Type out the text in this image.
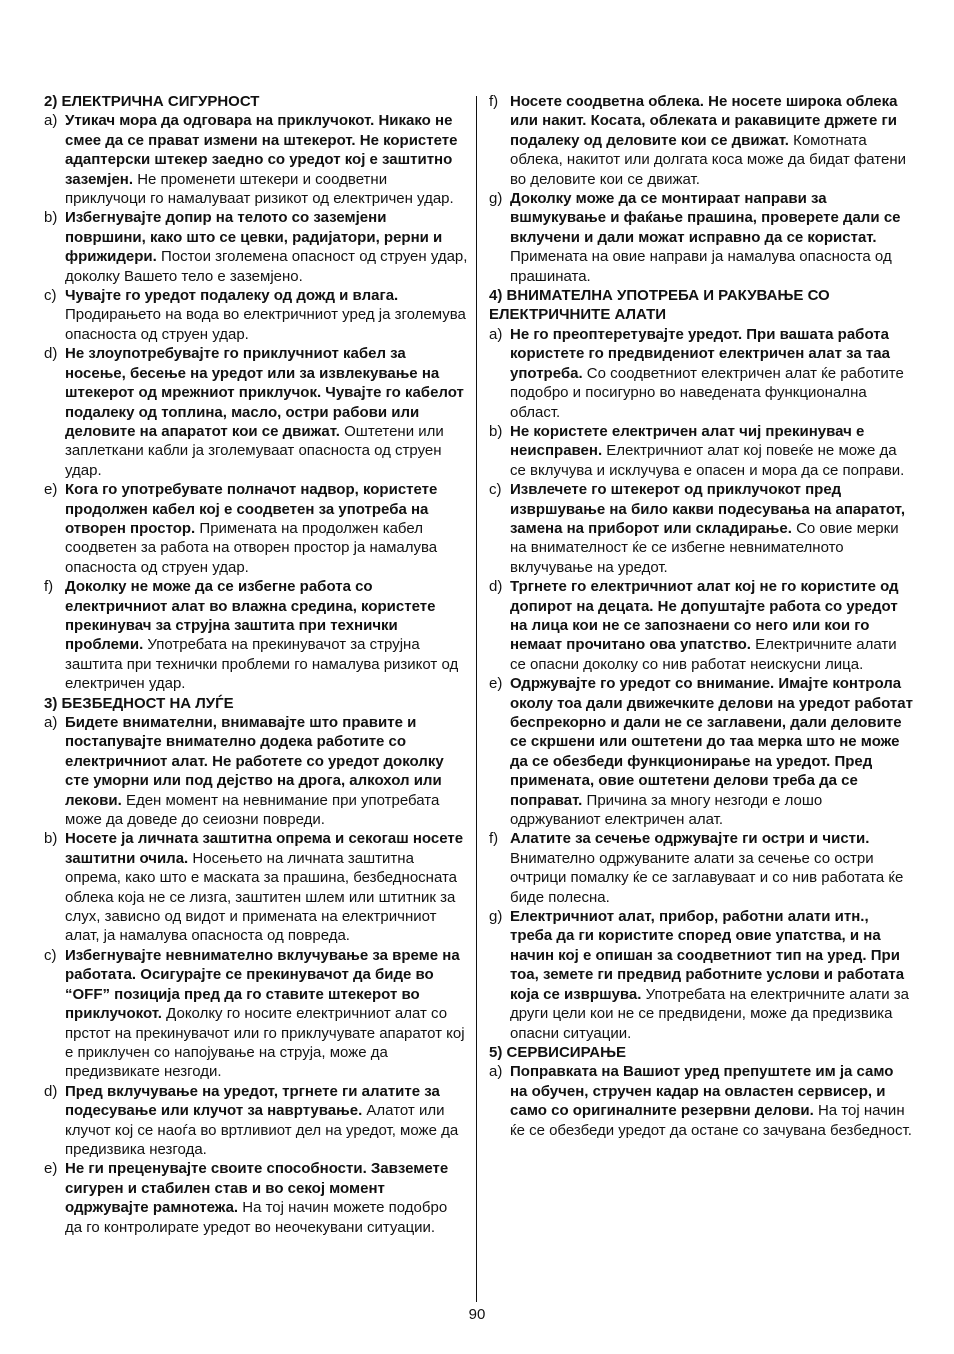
2) ЕЛЕКТРИЧНА СИГУРНОСТ

a) Утикач мора да одговара на приклучокот. Никако не смее да се прават измени на штекерот. Не користете адаптерски штекер заедно со уредот кој е заштитно заземјен. Не променети штекери и соодветни приклучоци го намалуваат ризикот од електричен удар.

b) Избегнувајте допир на телото со заземјени површини, како што се цевки, радијатори, рерни и фрижидери. Постои зголемена опасност од струен удар, доколку Вашето тело е заземјено.

c) Чувајте го уредот подалеку од дожд и влага. Продирањето на вода во електричниот уред ја зголемува опасноста од струен удар.

d) Не злоупотребувајте го приклучниот кабел за носење, бесење на уредот или за извлекување на штекерот од мрежниот приклучок. Чувајте го кабелот подалеку од топлина, масло, остри рабови или деловите на апаратот кои се движат. Оштетени или заплеткани кабли ја зголемуваат опасноста од струен удар.

e) Кога го употребувате полначот надвор, користете продолжен кабел кој е соодветен за употреба на отворен простор. Примената на продолжен кабел соодветен за работа на отворен простор ја намалува опасноста од струен удар.

f) Доколку не може да се избегне работа со електричниот алат во влажна средина, користете прекинувач за струјна заштита при технички проблеми. Употребата на прекинувачот за струјна заштита при технички проблеми го намалува ризикот од електричен удар.

3) БЕЗБЕДНОСТ НА ЛУЃЕ

a) Бидете внимателни, внимавајте што правите и постапувајте внимателно додека работите со електричниот алат. Не работете со уредот доколку сте уморни или под дејство на дрога, алкохол или лекови. Еден момент на невнимание при употребата може да доведе до сеиозни повреди.

b) Носете ја личната заштитна опрема и секогаш носете заштитни очила. Носењето на личната заштитна опрема, како што е маската за прашина, безбедносната облека која не се лизга, заштитен шлем или штитник за слух, зависно од видот и примената на електричниот алат, ја намалува опасноста од повреда.

c) Избегнувајте невнимателно вклучување за време на работата. Осигурајте се прекинувачот да биде во “OFF” позиција пред да го ставите штекерот во приклучокот. Доколку го носите електричниот алат со прстот на прекинувачот или го приклучувате апаратот кој е приклучен со напојување на струја, може да предизвикате незгоди.

d) Пред вклучување на уредот, тргнете ги алатите за подесување или клучот за навртување. Алатот или клучот кој се наоѓа во вртливиот дел на уредот, може да предизвика незгода.

e) Не ги преценувајте своите способности. Завземете сигурен и стабилен став и во секој момент одржувајте рамнотежа. На тој начин можете подобро да го контролирате уредот во неочекувани ситуации.

f) Носете соодветна облека. Не носете широка облека или накит. Косата, облеката и ракавиците држете ги подалеку од деловите кои се движат. Комотната облека, накитот или долгата коса може да бидат фатени во деловите кои се движат.

g) Доколку може да се монтираат направи за вшмукување и фаќање прашина, проверете дали се вклучени и дали можат исправно да се користат. Примената на овие направи ја намалува опасноста од прашината.

4) ВНИМАТЕЛНА УПОТРЕБА И РАКУВАЊЕ СО ЕЛЕКТРИЧНИТЕ АЛАТИ

a) Не го преоптеретувајте уредот. При вашата работа користете го предвидениот електричен алат за таа употреба. Со соодветниот електричен алат ќе работите подобро и посигурно во наведената функционална област.

b) Не користете електричен алат чиј прекинувач е неисправен. Електричниот алат кој повеќе не може да се вклучува и исклучува е опасен и мора да се поправи.

c) Извлечете го штекерот од приклучокот пред извршување на било какви подесувања на апаратот, замена на приборот или складирање. Со овие мерки на внимателност ќе се избегне невнимателното вклучување на уредот.

d) Тргнете го електричниот алат кој не го користите од допирот на децата. Не допуштајте работа со уредот на лица кои не се запознаени со него или кои го немаат прочитано ова упатство. Електричните алати се опасни доколку со нив работат неискусни лица.

e) Одржувајте го уредот со внимание. Имајте контрола околу тоа дали движечките делови на уредот работат беспрекорно и дали не се заглавени, дали деловите се скршени или оштетени до таа мерка што не може да се обезбеди функционирање на уредот. Пред примената, овие оштетени делови треба да се поправат. Причина за многу незгоди е лошо одржуваниот електричен алат.

f) Алатите за сечење одржувајте ги остри и чисти. Внимателно одржуваните алати за сечење со остри очтрици помалку ќе се заглавуваат и со нив работата ќе биде полесна.

g) Електричниот алат, прибор, работни алати итн., треба да ги користите според овие упатства, и на начин кој е опишан за соодветниот тип на уред. При тоа, земете ги предвид работните услови и работата која се извршува. Употребата на електричните алати за други цели кои не се предвидени, може да предизвика опасни ситуации.

5) СЕРВИСИРАЊЕ

a) Поправката на Вашиот уред препуштете им ја само на обучен, стручен кадар на овластен сервисер, и само со оригиналните резервни делови. На тој начин ќе се обезбеди уредот да остане со зачувана безбедност.

90
